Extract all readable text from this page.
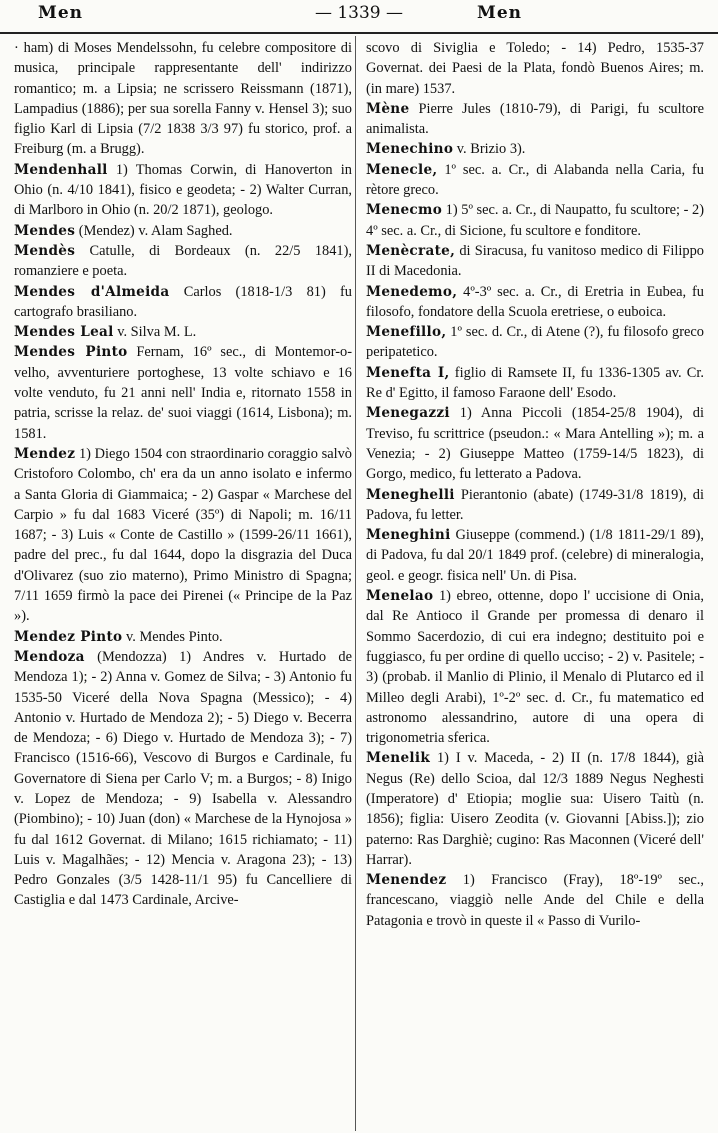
Men	— 1339 —	Men

· ham) di Moses Mendelssohn, fu celebre compositore di musica, principale rappresentante dell' indirizzo romantico; m. a Lipsia; ne scrissero Reissmann (1871), Lampadius (1886); per sua sorella Fanny v. Hensel 3); suo figlio Karl di Lipsia (7/2 1838 3/3 97) fu storico, prof. a Freiburg (m. a Brugg).

Mendenhall 1) Thomas Corwin, di Hanoverton in Ohio (n. 4/10 1841), fisico e geodeta; - 2) Walter Curran, di Marlboro in Ohio (n. 20/2 1871), geologo.

Mendes (Mendez) v. Alam Saghed.

Mendès Catulle, di Bordeaux (n. 22/5 1841), romanziere e poeta.

Mendes d'Almeida Carlos (1818-1/3 81) fu cartografo brasiliano.

Mendes Leal v. Silva M. L.

Mendes Pinto Fernam, 16º sec., di Montemor-o-velho, avventuriere portoghese, 13 volte schiavo e 16 volte venduto, fu 21 anni nell' India e, ritornato 1558 in patria, scrisse la relaz. de' suoi viaggi (1614, Lisbona); m. 1581.

Mendez 1) Diego 1504 con straordinario coraggio salvò Cristoforo Colombo, ch' era da un anno isolato e infermo a Santa Gloria di Giammaica; - 2) Gaspar « Marchese del Carpio » fu dal 1683 Viceré (35º) di Napoli; m. 16/11 1687; - 3) Luis « Conte de Castillo » (1599-26/11 1661), padre del prec., fu dal 1644, dopo la disgrazia del Duca d'Olivarez (suo zio materno), Primo Ministro di Spagna; 7/11 1659 firmò la pace dei Pirenei (« Principe de la Paz »).

Mendez Pinto v. Mendes Pinto.

Mendoza (Mendozza) 1) Andres v. Hurtado de Mendoza 1); - 2) Anna v. Gomez de Silva; - 3) Antonio fu 1535-50 Viceré della Nova Spagna (Messico); - 4) Antonio v. Hurtado de Mendoza 2); - 5) Diego v. Becerra de Mendoza; - 6) Diego v. Hurtado de Mendoza 3); - 7) Francisco (1516-66), Vescovo di Burgos e Cardinale, fu Governatore di Siena per Carlo V; m. a Burgos; - 8) Inigo v. Lopez de Mendoza; - 9) Isabella v. Alessandro (Piombino); - 10) Juan (don) « Marchese de la Hynojosa » fu dal 1612 Governat. di Milano; 1615 richiamato; - 11) Luis v. Magalhães; - 12) Mencia v. Aragona 23); - 13) Pedro Gonzales (3/5 1428-11/1 95) fu Cancelliere di Castiglia e dal 1473 Cardinale, Arcive-

scovo di Siviglia e Toledo; - 14) Pedro, 1535-37 Governat. dei Paesi de la Plata, fondò Buenos Aires; m. (in mare) 1537.

Mène Pierre Jules (1810-79), di Parigi, fu scultore animalista.

Menechino v. Brizio 3).

Menecle, 1º sec. a. Cr., di Alabanda nella Caria, fu rètore greco.

Menecmo 1) 5º sec. a. Cr., di Naupatto, fu scultore; - 2) 4º sec. a. Cr., di Sicione, fu scultore e fonditore.

Menècrate, di Siracusa, fu vanitoso medico di Filippo II di Macedonia.

Menedemo, 4º-3º sec. a. Cr., di Eretria in Eubea, fu filosofo, fondatore della Scuola eretriese, o euboica.

Menefillo, 1º sec. d. Cr., di Atene (?), fu filosofo greco peripatetico.

Menefta I, figlio di Ramsete II, fu 1336-1305 av. Cr. Re d' Egitto, il famoso Faraone dell' Esodo.

Menegazzi 1) Anna Piccoli (1854-25/8 1904), di Treviso, fu scrittrice (pseudon.: « Mara Antelling »); m. a Venezia; - 2) Giuseppe Matteo (1759-14/5 1823), di Gorgo, medico, fu letterato a Padova.

Meneghelli Pierantonio (abate) (1749-31/8 1819), di Padova, fu letter.

Meneghini Giuseppe (commend.) (1/8 1811-29/1 89), di Padova, fu dal 20/1 1849 prof. (celebre) di mineralogia, geol. e geogr. fisica nell' Un. di Pisa.

Menelao 1) ebreo, ottenne, dopo l' uccisione di Onia, dal Re Antioco il Grande per promessa di denaro il Sommo Sacerdozio, di cui era indegno; destituito poi e fuggiasco, fu per ordine di quello ucciso; - 2) v. Pasitele; - 3) (probab. il Manlio di Plinio, il Menalo di Plutarco ed il Milleo degli Arabi), 1º-2º sec. d. Cr., fu matematico ed astronomo alessandrino, autore di una opera di trigonometria sferica.

Menelik 1) I v. Maceda, - 2) II (n. 17/8 1844), già Negus (Re) dello Scioa, dal 12/3 1889 Negus Neghesti (Imperatore) d' Etiopia; moglie sua: Uisero Taitù (n. 1856); figlia: Uisero Zeodita (v. Giovanni [Abiss.]); zio paterno: Ras Darghiè; cugino: Ras Maconnen (Viceré dell' Harrar).

Menendez 1) Francisco (Fray), 18º-19º sec., francescano, viaggiò nelle Ande del Chile e della Patagonia e trovò in queste il « Passo di Vurilo-
